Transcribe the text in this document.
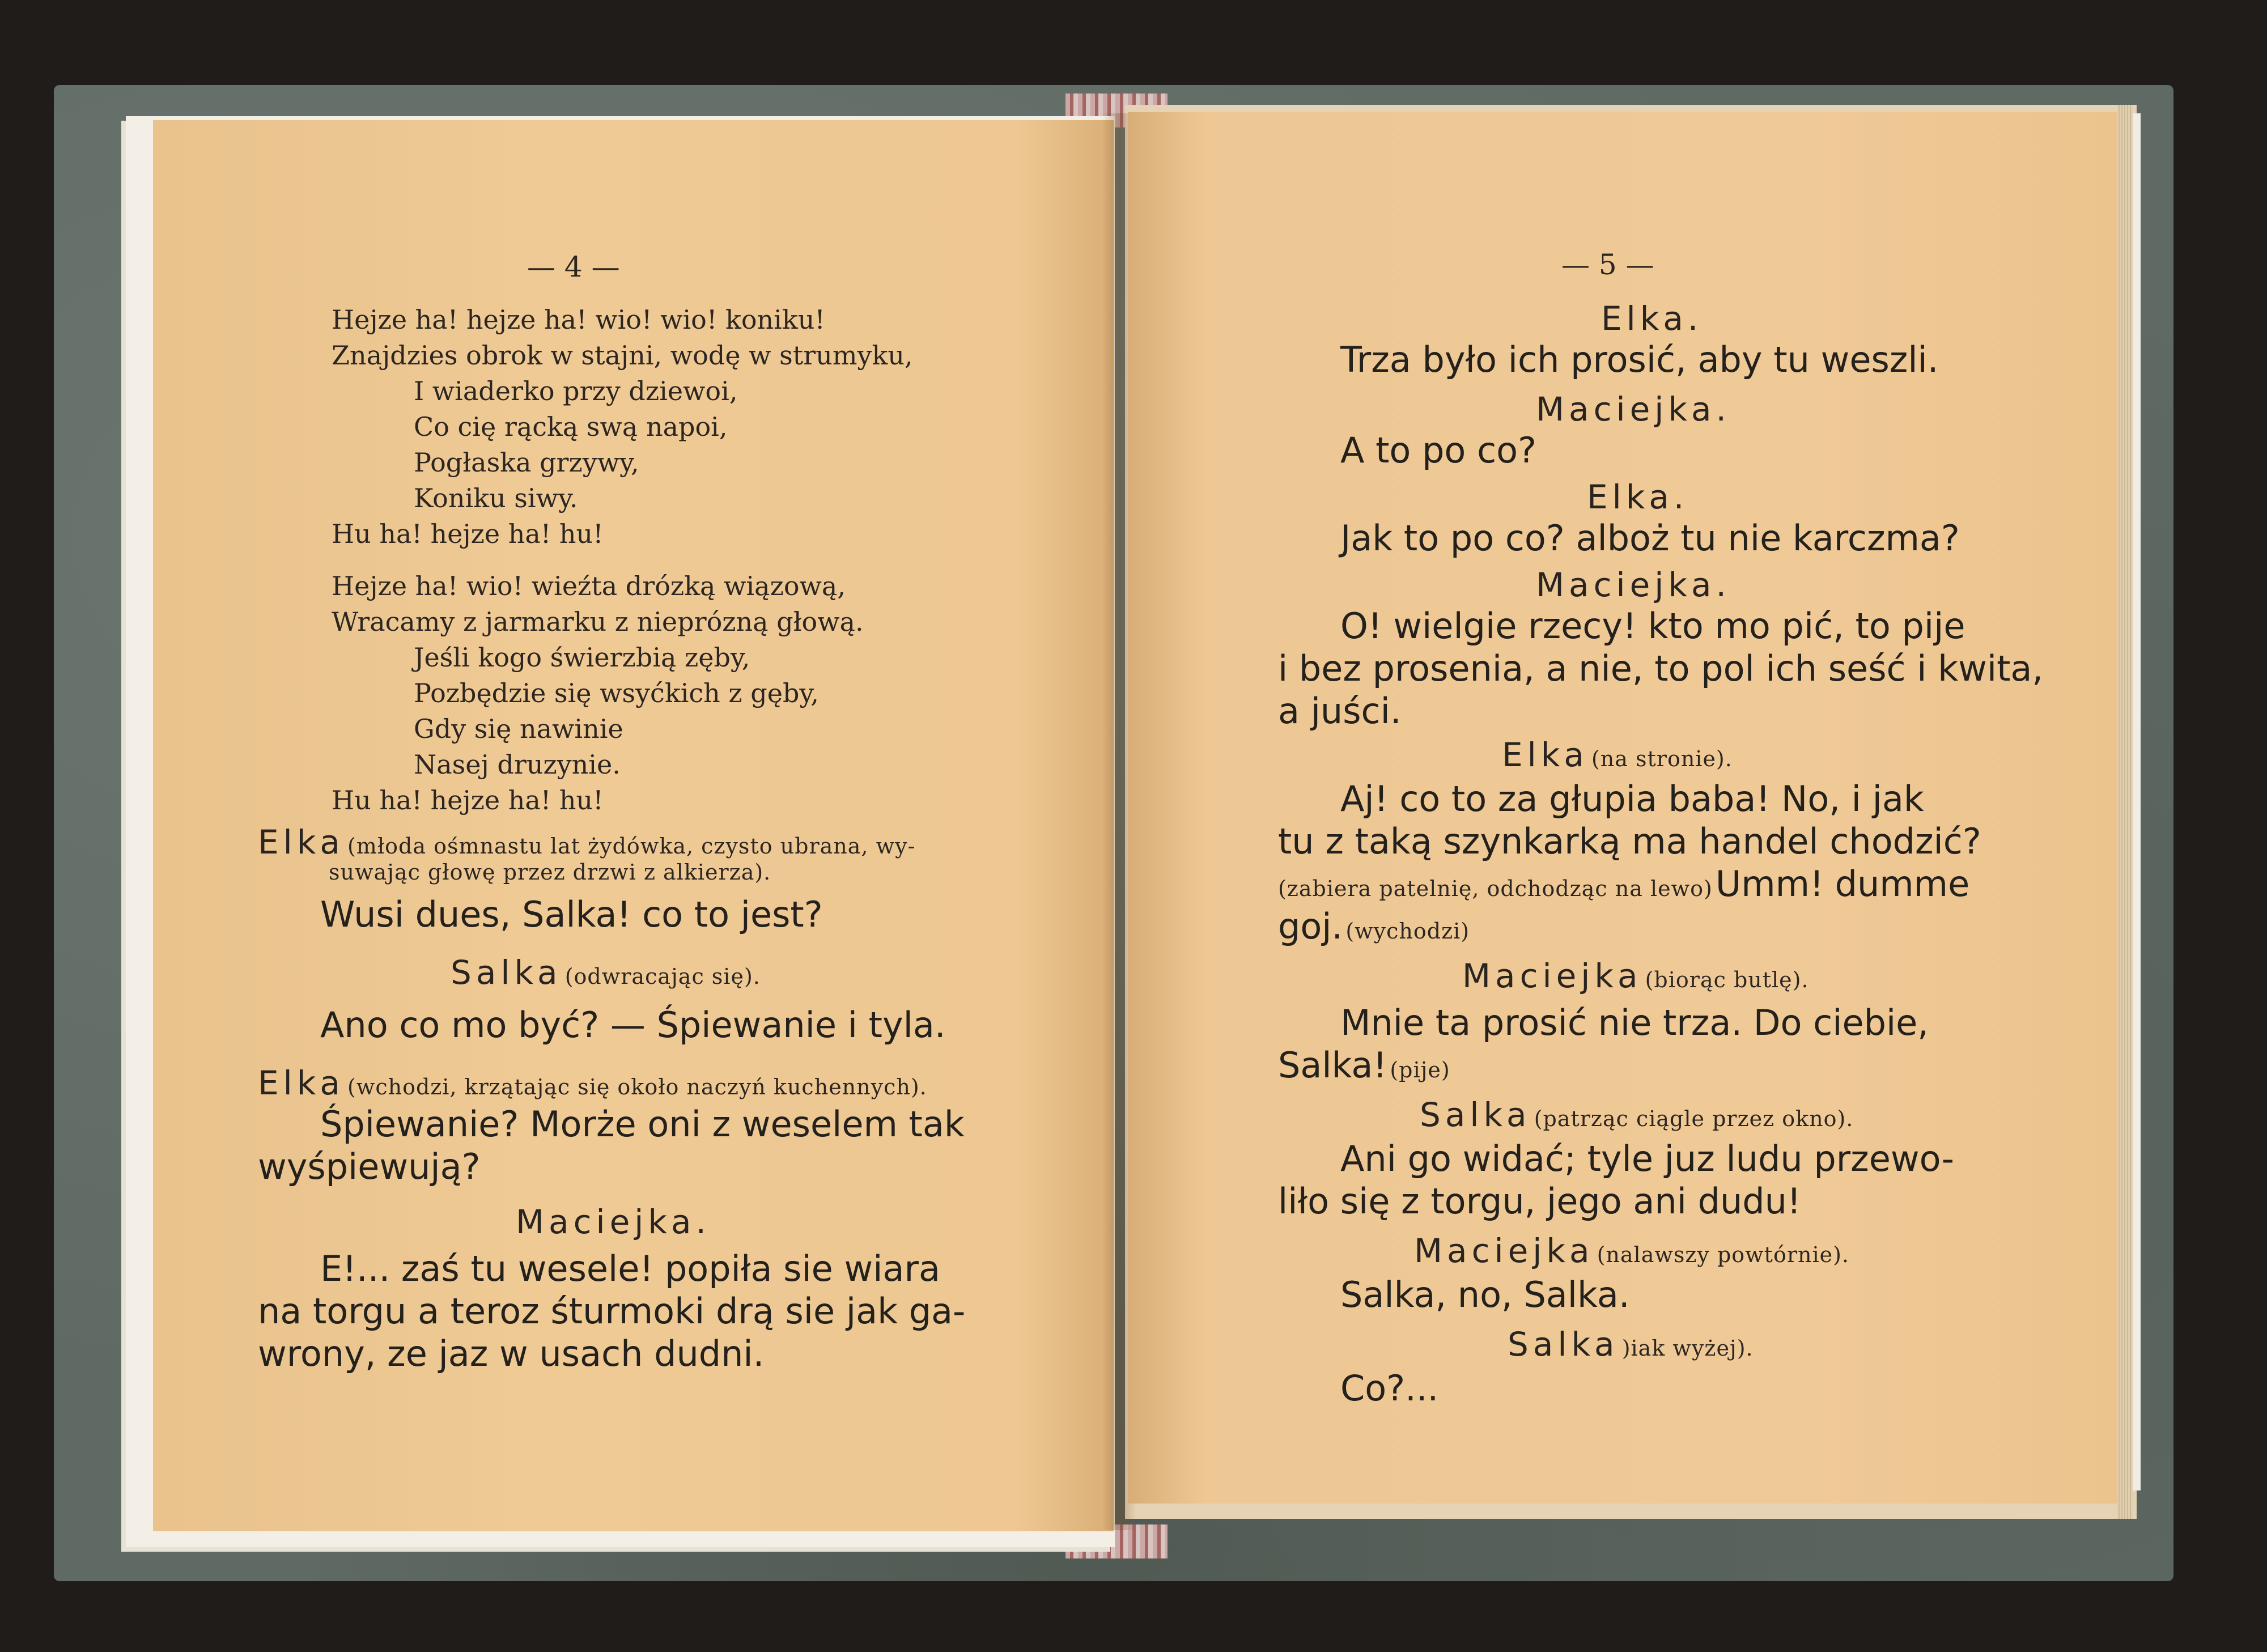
— 4 —
Hejze ha! hejze ha! wio! wio! koniku!
Znajdzies obrok w stajni, wodę w strumyku,
I wiaderko przy dziewoi,
Co cię rącką swą napoi,
Pogłaska grzywy,
Koniku siwy.
Hu ha! hejze ha! hu!
Hejze ha! wio! wieźta drózką wiązową,
Wracamy z jarmarku z nieprózną głową.
Jeśli kogo świerzbią zęby,
Pozbędzie się wsyćkich z gęby,
Gdy się nawinie
Nasej druzynie.
Hu ha! hejze ha! hu!
Elka (młoda ośmnastu lat żydówka, czysto ubrana, wy-
suwając głowę przez drzwi z alkierza).
Wusi dues, Salka! co to jest?
Salka (odwracając się).
Ano co mo być? — Śpiewanie i tyla.
Elka (wchodzi, krzątając się około naczyń kuchennych).
Śpiewanie? Morże oni z weselem tak
wyśpiewują?
Maciejka.
E!... zaś tu wesele! popiła sie wiara
na torgu a teroz śturmoki drą sie jak ga-
wrony, ze jaz w usach dudni.
— 5 —
Elka.
Trza było ich prosić, aby tu weszli.
Maciejka.
A to po co?
Elka.
Jak to po co? alboż tu nie karczma?
Maciejka.
O! wielgie rzecy! kto mo pić, to pije
i bez prosenia, a nie, to pol ich seść i kwita,
a juści.
Elka (na stronie).
Aj! co to za głupia baba! No, i jak
tu z taką szynkarką ma handel chodzić?
(zabiera patelnię, odchodząc na lewo) Umm! dumme
goj. (wychodzi)
Maciejka (biorąc butlę).
Mnie ta prosić nie trza. Do ciebie,
Salka! (pije)
Salka (patrząc ciągle przez okno).
Ani go widać; tyle juz ludu przewo-
liło się z torgu, jego ani dudu!
Maciejka (nalawszy powtórnie).
Salka, no, Salka.
Salka )iak wyżej).
Co?...
